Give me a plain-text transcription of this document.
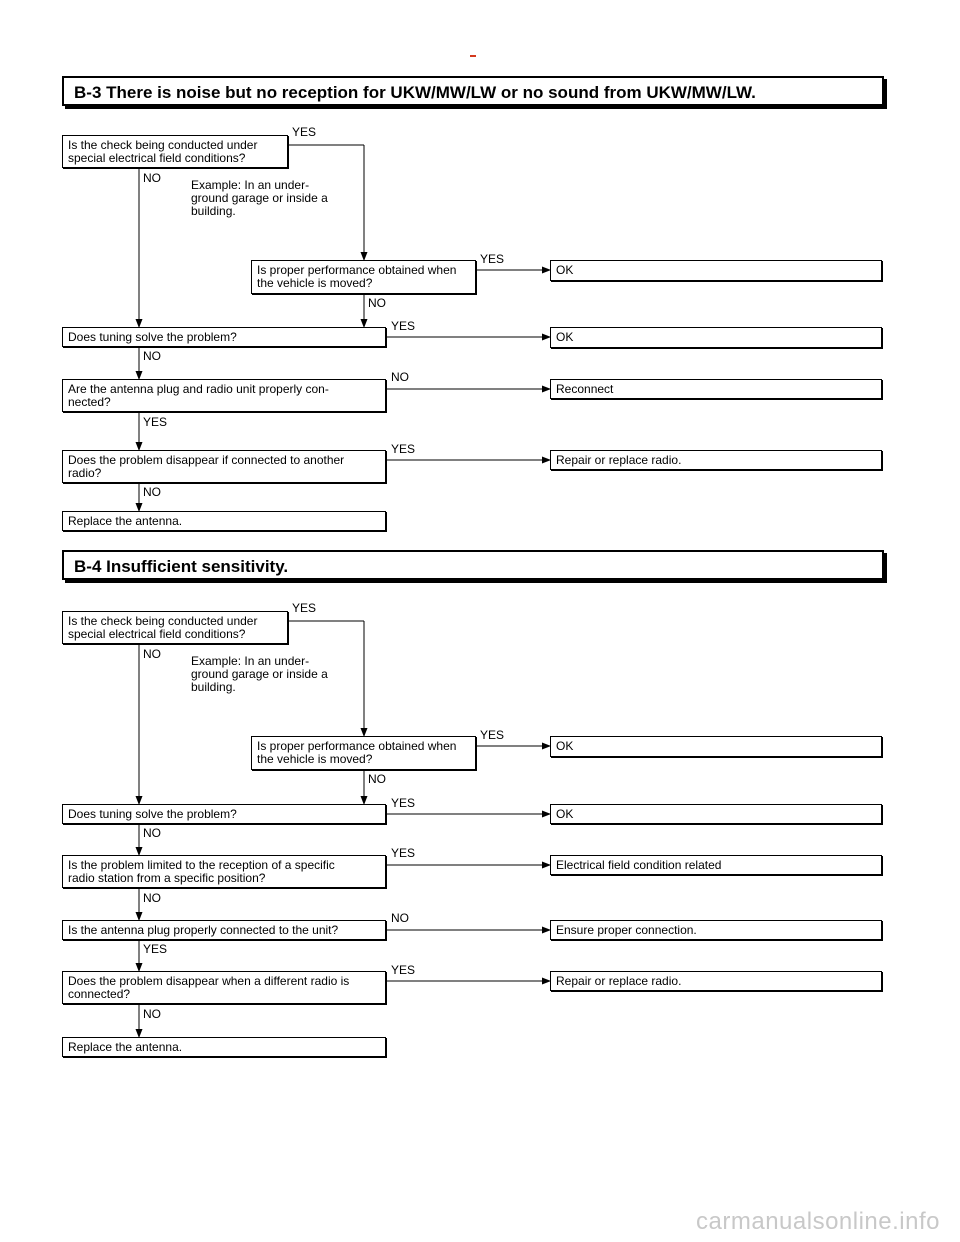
B-3 There is noise but no reception for UKW/MW/LW or no sound from UKW/MW/LW.
Is the check being conducted under
special electrical field conditions?
YES
NO	Example: In an under-
ground garage or inside a
building.
Is proper performance obtained when
the vehicle is moved?
YES
OK
NO
Does tuning solve the problem?
YES
OK
NO
Are the antenna plug and radio unit properly con-
nected?
NO
Reconnect
YES
Does the problem disappear if connected to another
radio?
YES
Repair or replace radio.
NO
Replace the antenna.
B-4 Insufficient sensitivity.
Is the check being conducted under
special electrical field conditions?
YES
NO	Example: In an under-
ground garage or inside a
building.
Is proper performance obtained when
the vehicle is moved?
YES
OK
NO
Does tuning solve the problem?
YES
OK
NO
Is the problem limited to the reception of a specific
radio station from a specific position?
YES
Electrical field condition related
NO
Is the antenna plug properly connected to the unit?
NO
Ensure proper connection.
YES
Does the problem disappear when a different radio is
connected?
YES
Repair or replace radio.
NO
Replace the antenna.
carmanualsonline.info
